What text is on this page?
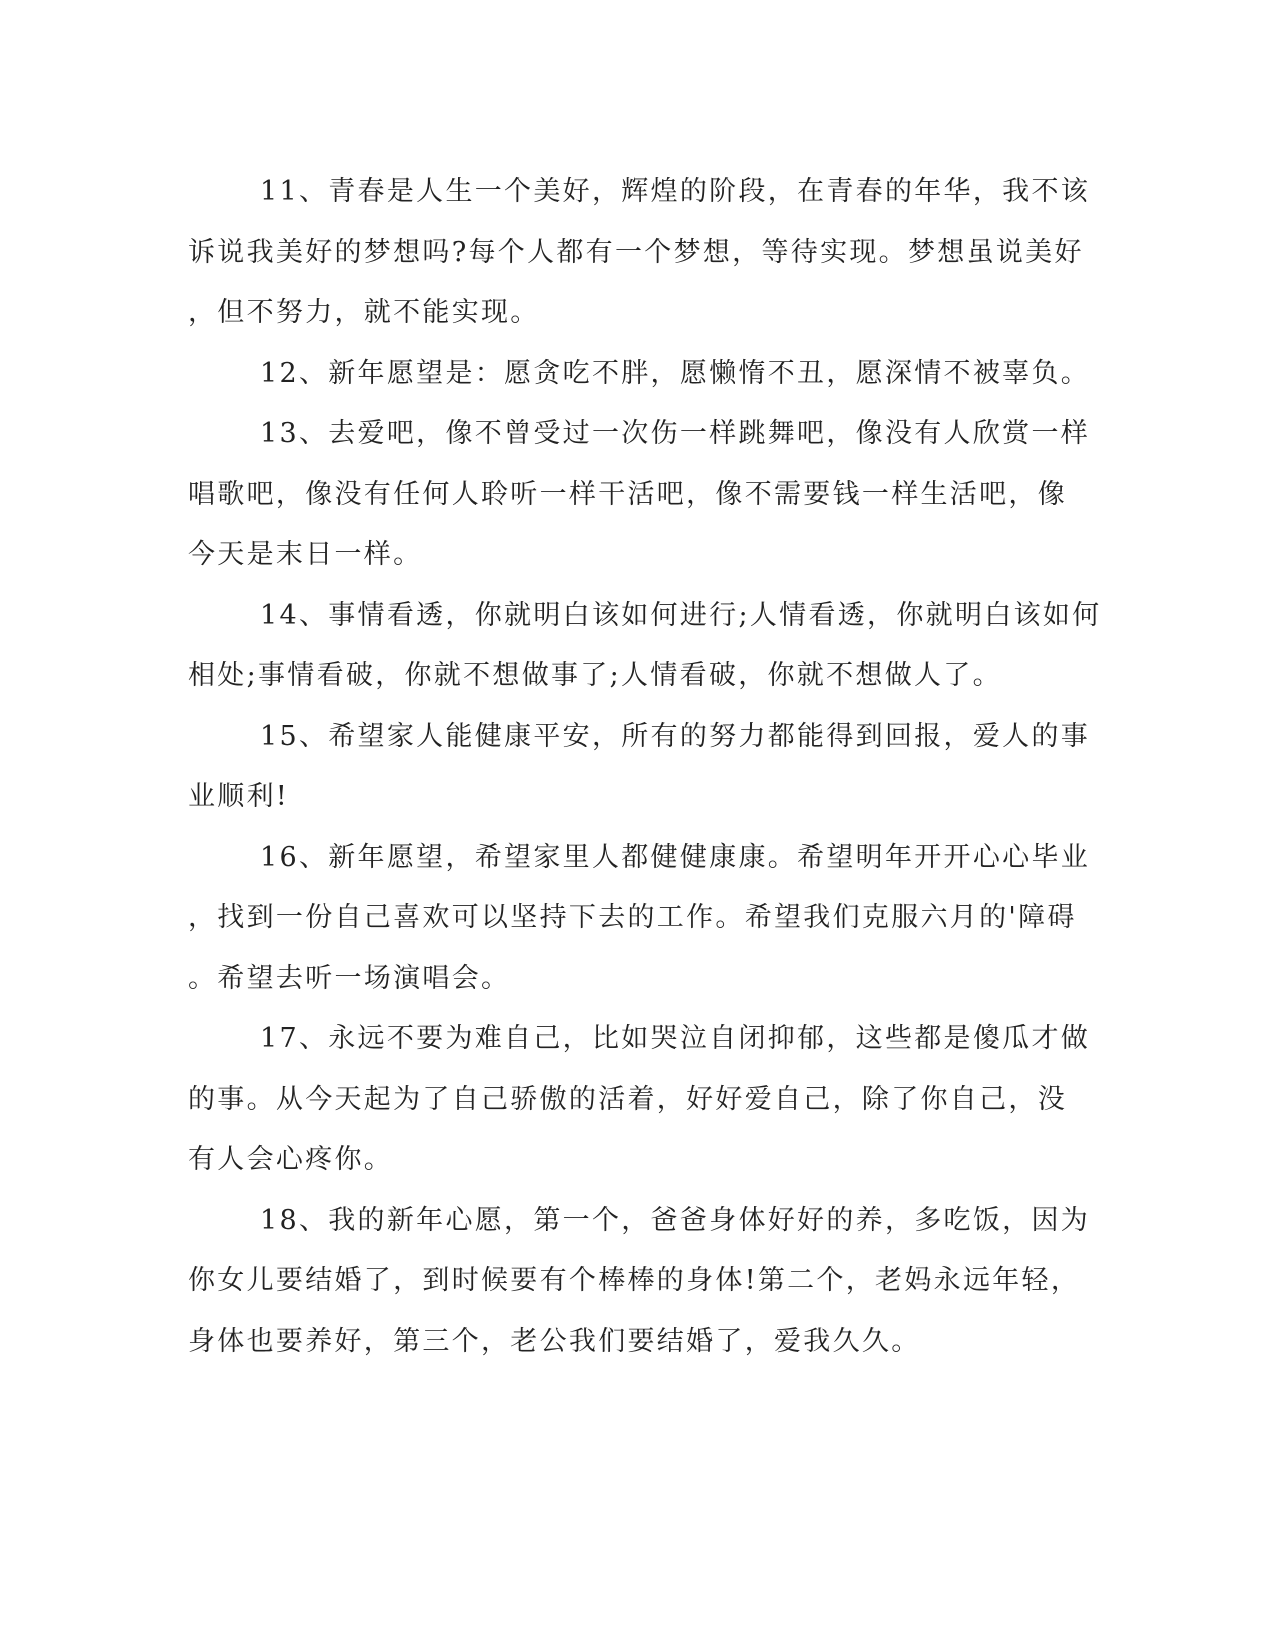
11、青春是人生一个美好，辉煌的阶段，在青春的年华，我不该
诉说我美好的梦想吗?每个人都有一个梦想，等待实现。梦想虽说美好
，但不努力，就不能实现。
12、新年愿望是：愿贪吃不胖，愿懒惰不丑，愿深情不被辜负。
13、去爱吧，像不曾受过一次伤一样跳舞吧，像没有人欣赏一样
唱歌吧，像没有任何人聆听一样干活吧，像不需要钱一样生活吧，像
今天是末日一样。
14、事情看透，你就明白该如何进行;人情看透，你就明白该如何
相处;事情看破，你就不想做事了;人情看破，你就不想做人了。
15、希望家人能健康平安，所有的努力都能得到回报，爱人的事
业顺利!
16、新年愿望，希望家里人都健健康康。希望明年开开心心毕业
，找到一份自己喜欢可以坚持下去的工作。希望我们克服六月的'障碍
。希望去听一场演唱会。
17、永远不要为难自己，比如哭泣自闭抑郁，这些都是傻瓜才做
的事。从今天起为了自己骄傲的活着，好好爱自己，除了你自己，没
有人会心疼你。
18、我的新年心愿，第一个，爸爸身体好好的养，多吃饭，因为
你女儿要结婚了，到时候要有个棒棒的身体!第二个，老妈永远年轻，
身体也要养好，第三个，老公我们要结婚了，爱我久久。
